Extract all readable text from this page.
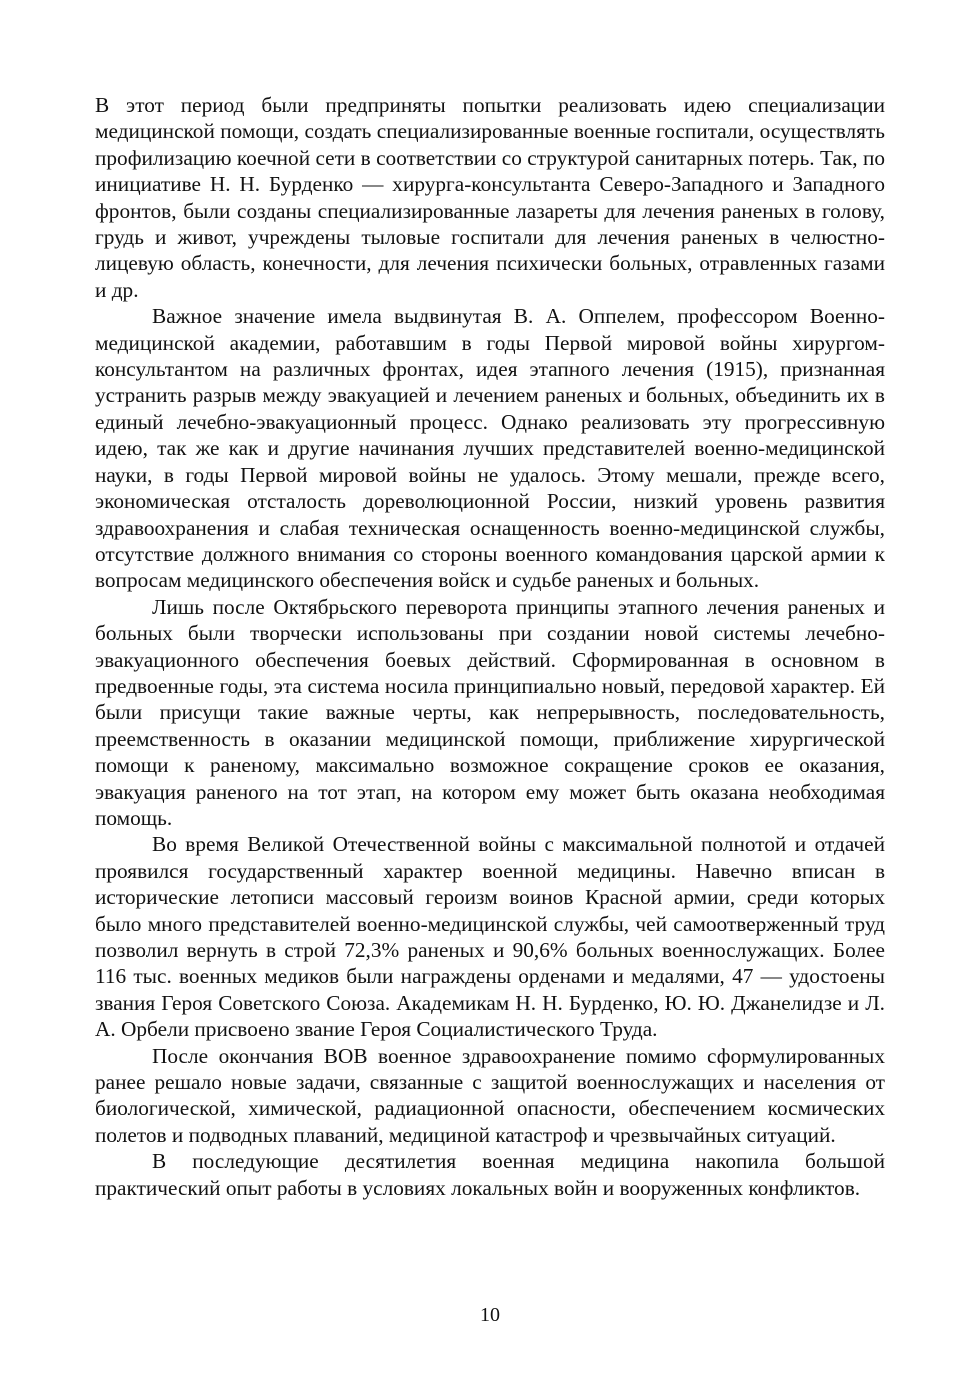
В этот период были предприняты попытки реализовать идею специализации медицинской помощи, создать специализированные военные госпитали, осуществлять профилизацию коечной сети в соответствии со структурой санитарных потерь. Так, по инициативе Н. Н. Бурденко — хирурга-консультанта Северо-Западного и Западного фронтов, были созданы специализированные лазареты для лечения раненых в голову, грудь и живот, учреждены тыловые госпитали для лечения раненых в челюстно-лицевую область, конечности, для лечения психически больных, отравленных газами и др.

Важное значение имела выдвинутая В. А. Оппелем, профессором Военно-медицинской академии, работавшим в годы Первой мировой войны хирургом-консультантом на различных фронтах, идея этапного лечения (1915), признанная устранить разрыв между эвакуацией и лечением раненых и больных, объединить их в единый лечебно-эвакуационный процесс. Однако реализовать эту прогрессивную идею, так же как и другие начинания лучших представителей военно-медицинской науки, в годы Первой мировой войны не удалось. Этому мешали, прежде всего, экономическая отсталость дореволюционной России, низкий уровень развития здравоохранения и слабая техническая оснащенность военно-медицинской службы, отсутствие должного внимания со стороны военного командования царской армии к вопросам медицинского обеспечения войск и судьбе раненых и больных.

Лишь после Октябрьского переворота принципы этапного лечения раненых и больных были творчески использованы при создании новой системы лечебно-эвакуационного обеспечения боевых действий. Сформированная в основном в предвоенные годы, эта система носила принципиально новый, передовой характер. Ей были присущи такие важные черты, как непрерывность, последовательность, преемственность в оказании медицинской помощи, приближение хирургической помощи к раненому, максимально возможное сокращение сроков ее оказания, эвакуация раненого на тот этап, на котором ему может быть оказана необходимая помощь.

Во время Великой Отечественной войны с максимальной полнотой и отдачей проявился государственный характер военной медицины. Навечно вписан в исторические летописи массовый героизм воинов Красной армии, среди которых было много представителей военно-медицинской службы, чей самоотверженный труд позволил вернуть в строй 72,3% раненых и 90,6% больных военнослужащих. Более 116 тыс. военных медиков были награждены орденами и медалями, 47 — удостоены звания Героя Советского Союза. Академикам Н. Н. Бурденко, Ю. Ю. Джанелидзе и Л. А. Орбели присвоено звание Героя Социалистического Труда.

После окончания ВОВ военное здравоохранение помимо сформулированных ранее решало новые задачи, связанные с защитой военнослужащих и населения от биологической, химической, радиационной опасности, обеспечением космических полетов и подводных плаваний, медициной катастроф и чрезвычайных ситуаций.

В последующие десятилетия военная медицина накопила большой практический опыт работы в условиях локальных войн и вооруженных конфликтов.

10
